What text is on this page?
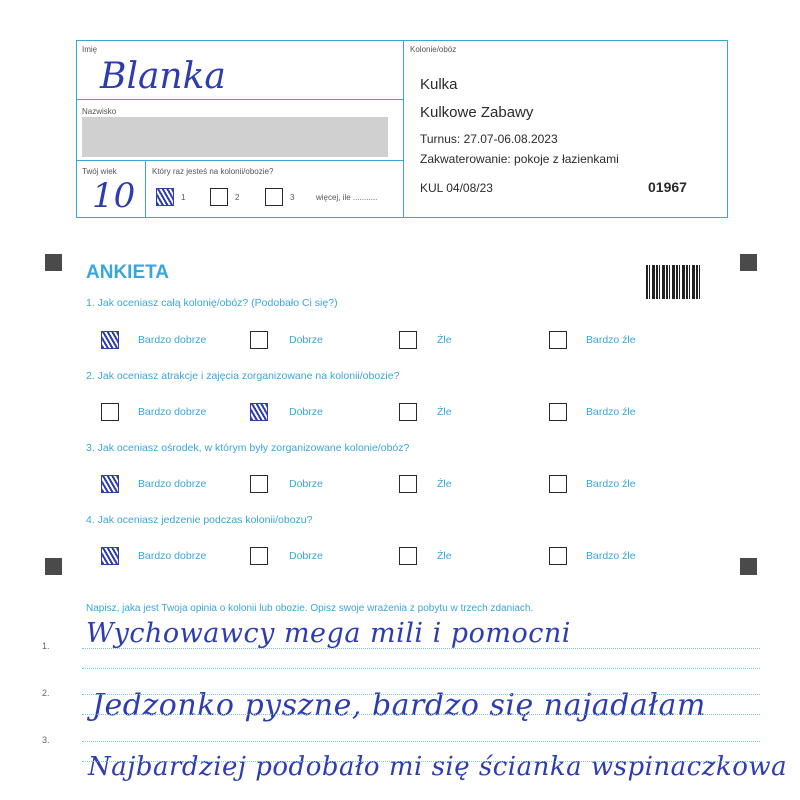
Imię
Blanka
Nazwisko
Twój wiek
10
Który raz jesteś na kolonii/obozie?
1	2	3	więcej, ile ...........
Kolonie/obóz
Kulka
Kulkowe Zabawy
Turnus: 27.07-06.08.2023
Zakwaterowanie: pokoje z łazienkami
KUL 04/08/23	01967
ANKIETA
1. Jak oceniasz całą kolonię/obóz? (Podobało Ci się?)
Bardzo dobrze	Dobrze	Źle	Bardzo źle
2. Jak oceniasz atrakcje i zajęcia zorganizowane na kolonii/obozie?
Bardzo dobrze	Dobrze	Źle	Bardzo źle
3. Jak oceniasz ośrodek, w którym były zorganizowane kolonie/obóz?
Bardzo dobrze	Dobrze	Źle	Bardzo źle
4. Jak oceniasz jedzenie podczas kolonii/obozu?
Bardzo dobrze	Dobrze	Źle	Bardzo źle
Napisz, jaka jest Twoja opinia o kolonii lub obozie. Opisz swoje wrażenia z pobytu w trzech zdaniach.
1. Wychowawcy mega mili i pomocni
2. Jedzonko pyszne, bardzo się najadałam
3.
Najbardziej podobało mi się ścianka wspinaczkowa
